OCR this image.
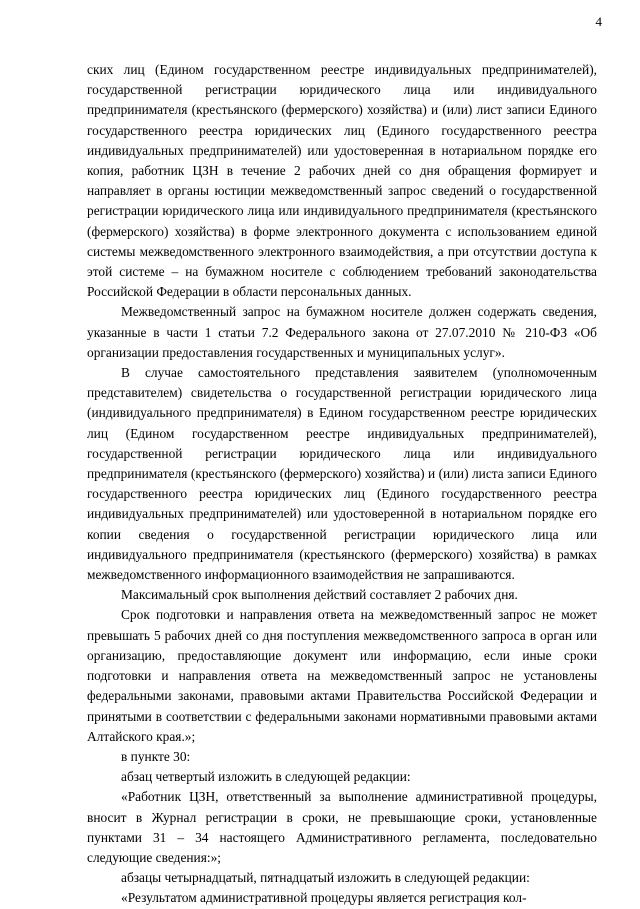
4

ских лиц (Едином государственном реестре индивидуальных предпринимателей), государственной регистрации юридического лица или индивидуального предпринимателя (крестьянского (фермерского) хозяйства) и (или) лист записи Единого государственного реестра юридических лиц (Единого государственного реестра индивидуальных предпринимателей) или удостоверенная в нотариальном порядке его копия, работник ЦЗН в течение 2 рабочих дней со дня обращения формирует и направляет в органы юстиции межведомственный запрос сведений о государственной регистрации юридического лица или индивидуального предпринимателя (крестьянского (фермерского) хозяйства) в форме электронного документа с использованием единой системы межведомственного электронного взаимодействия, а при отсутствии доступа к этой системе – на бумажном носителе с соблюдением требований законодательства Российской Федерации в области персональных данных.

Межведомственный запрос на бумажном носителе должен содержать сведения, указанные в части 1 статьи 7.2 Федерального закона от 27.07.2010 № 210-ФЗ «Об организации предоставления государственных и муниципальных услуг».

В случае самостоятельного представления заявителем (уполномоченным представителем) свидетельства о государственной регистрации юридического лица (индивидуального предпринимателя) в Едином государственном реестре юридических лиц (Едином государственном реестре индивидуальных предпринимателей), государственной регистрации юридического лица или индивидуального предпринимателя (крестьянского (фермерского) хозяйства) и (или) листа записи Единого государственного реестра юридических лиц (Единого государственного реестра индивидуальных предпринимателей) или удостоверенной в нотариальном порядке его копии сведения о государственной регистрации юридического лица или индивидуального предпринимателя (крестьянского (фермерского) хозяйства) в рамках межведомственного информационного взаимодействия не запрашиваются.

Максимальный срок выполнения действий составляет 2 рабочих дня.

Срок подготовки и направления ответа на межведомственный запрос не может превышать 5 рабочих дней со дня поступления межведомственного запроса в орган или организацию, предоставляющие документ или информацию, если иные сроки подготовки и направления ответа на межведомственный запрос не установлены федеральными законами, правовыми актами Правительства Российской Федерации и принятыми в соответствии с федеральными законами нормативными правовыми актами Алтайского края.»;

в пункте 30:

абзац четвертый изложить в следующей редакции:

«Работник ЦЗН, ответственный за выполнение административной процедуры, вносит в Журнал регистрации в сроки, не превышающие сроки, установленные пунктами 31 – 34 настоящего Административного регламента, последовательно следующие сведения:»;

абзацы четырнадцатый, пятнадцатый изложить в следующей редакции:

«Результатом административной процедуры является регистрация кол-
